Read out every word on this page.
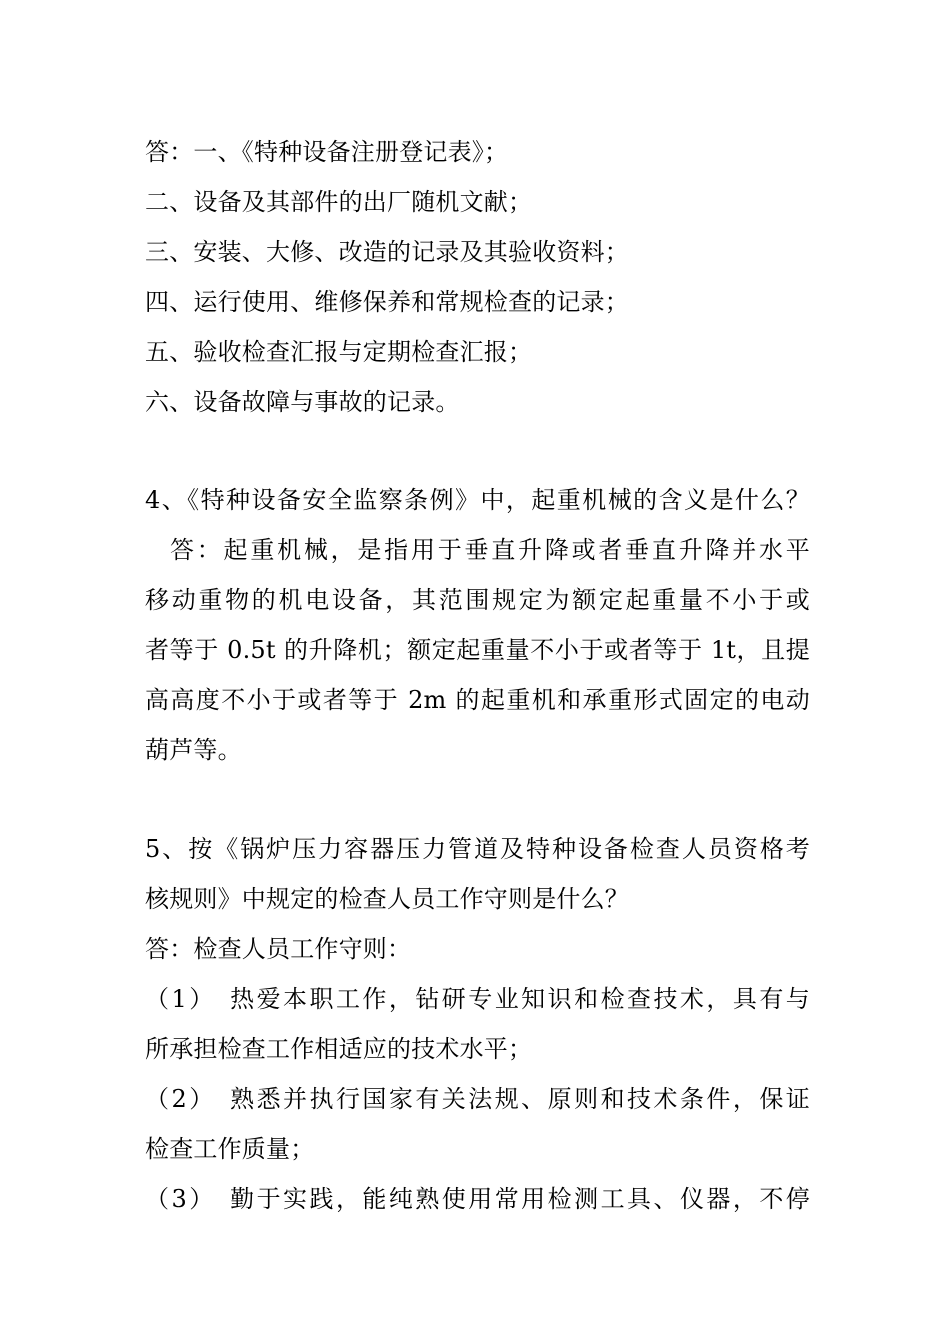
答：一、《特种设备注册登记表》；
二、设备及其部件的出厂随机文献；
三、安装、大修、改造的记录及其验收资料；
四、运行使用、维修保养和常规检查的记录；
五、验收检查汇报与定期检查汇报；
六、设备故障与事故的记录。
4、《特种设备安全监察条例》中，起重机械的含义是什么？
答：起重机械，是指用于垂直升降或者垂直升降并水平
移动重物的机电设备，其范围规定为额定起重量不小于或
者等于 0.5t 的升降机；额定起重量不小于或者等于 1t，且提
高高度不小于或者等于 2m 的起重机和承重形式固定的电动
葫芦等。
5、按《锅炉压力容器压力管道及特种设备检查人员资格考
核规则》中规定的检查人员工作守则是什么？
答：检查人员工作守则：
（1）　热爱本职工作，钻研专业知识和检查技术，具有与
所承担检查工作相适应的技术水平；
（2）　熟悉并执行国家有关法规、原则和技术条件，保证
检查工作质量；
（3）　勤于实践，能纯熟使用常用检测工具、仪器，不停
